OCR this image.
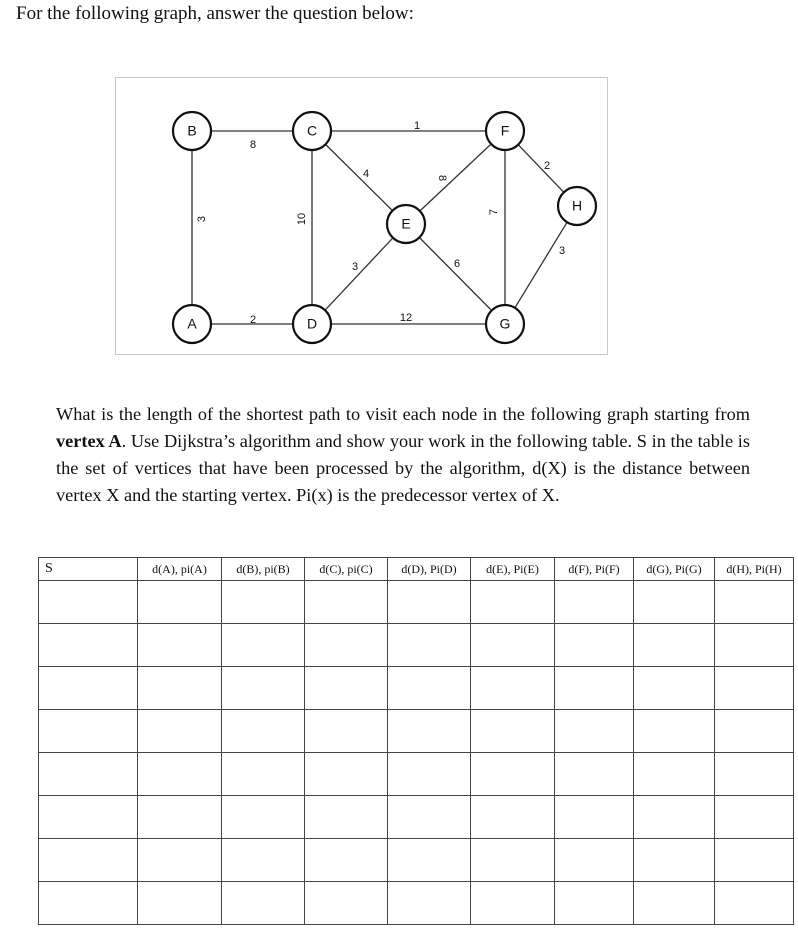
For the following graph, answer the question below:
8
1
3	10
4	8
7
2
3
2
3	6
12
A
B	C
D
E
F
G
H

What is the length of the shortest path to visit each node in the following graph starting from vertex A. Use Dijkstra’s algorithm and show your work in the following table. S in the table is the set of vertices that have been processed by the algorithm, d(X) is the distance between vertex X and the starting vertex. Pi(x) is the predecessor vertex of X.

S	d(A), pi(A)	d(B), pi(B)	d(C), pi(C)	d(D), Pi(D)	d(E), Pi(E)	d(F), Pi(F)	d(G), Pi(G)	d(H), Pi(H)
